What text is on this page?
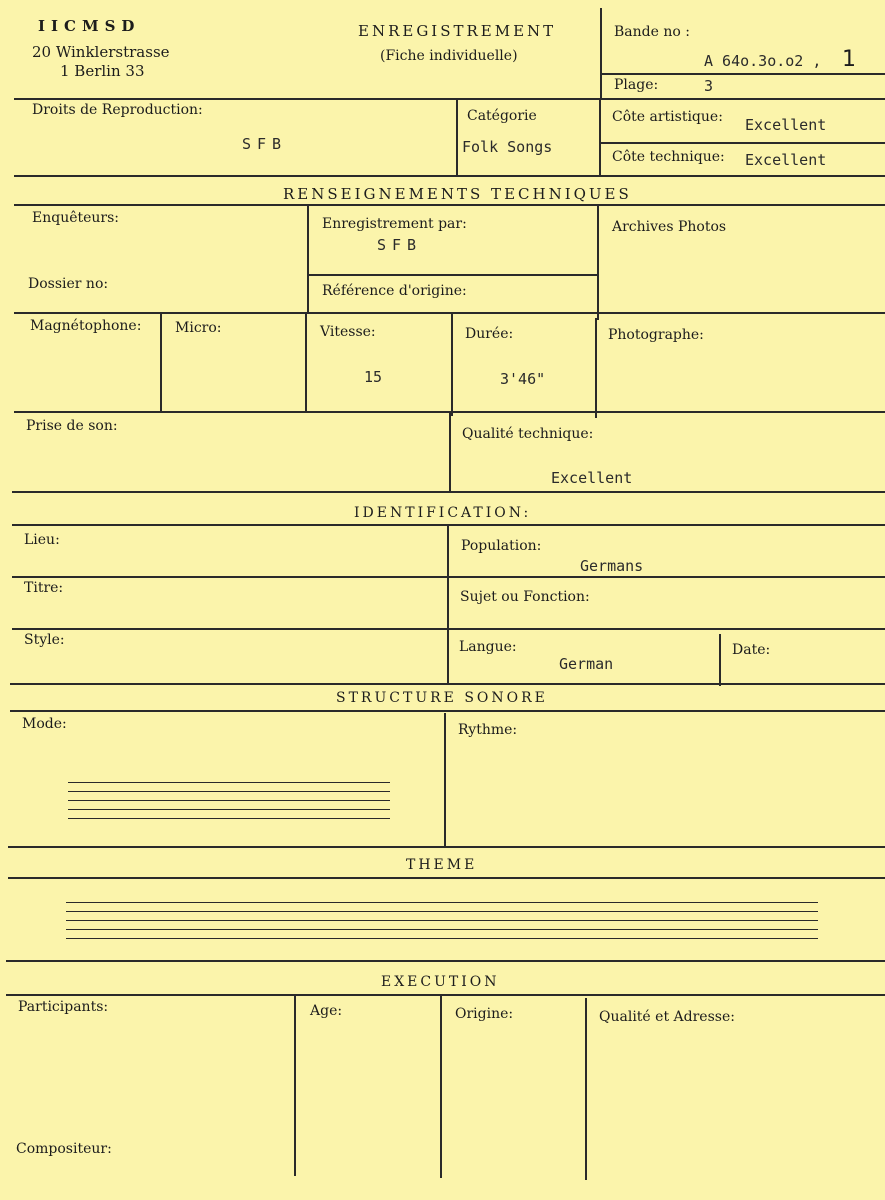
IICMSD
20 Winklerstrasse
1 Berlin 33
ENREGISTREMENT
(Fiche individuelle)
Bande no :
A 64o.3o.o2 , 1
Plage:	3
Droits de Reproduction:
SFB
Catégorie
Folk Songs
Côte artistique: Excellent
Côte technique: Excellent
RENSEIGNEMENTS TECHNIQUES
Enquêteurs:	Enregistrement par:
SFB
Archives Photos
Dossier no:	Référence d'origine:
Magnétophone: Micro:	Vitesse:
15
Durée:
3'46"
Photographe:
Prise de son:	Qualité technique:
Excellent
IDENTIFICATION:
Lieu:	Population:
Germans
Titre:
Sujet ou Fonction:
Style:	Langue:
German
Date:
STRUCTURE SONORE
Mode:	Rythme:
THEME
EXECUTION
Participants:	Age:	Origine:	Qualité et Adresse:
Compositeur:
